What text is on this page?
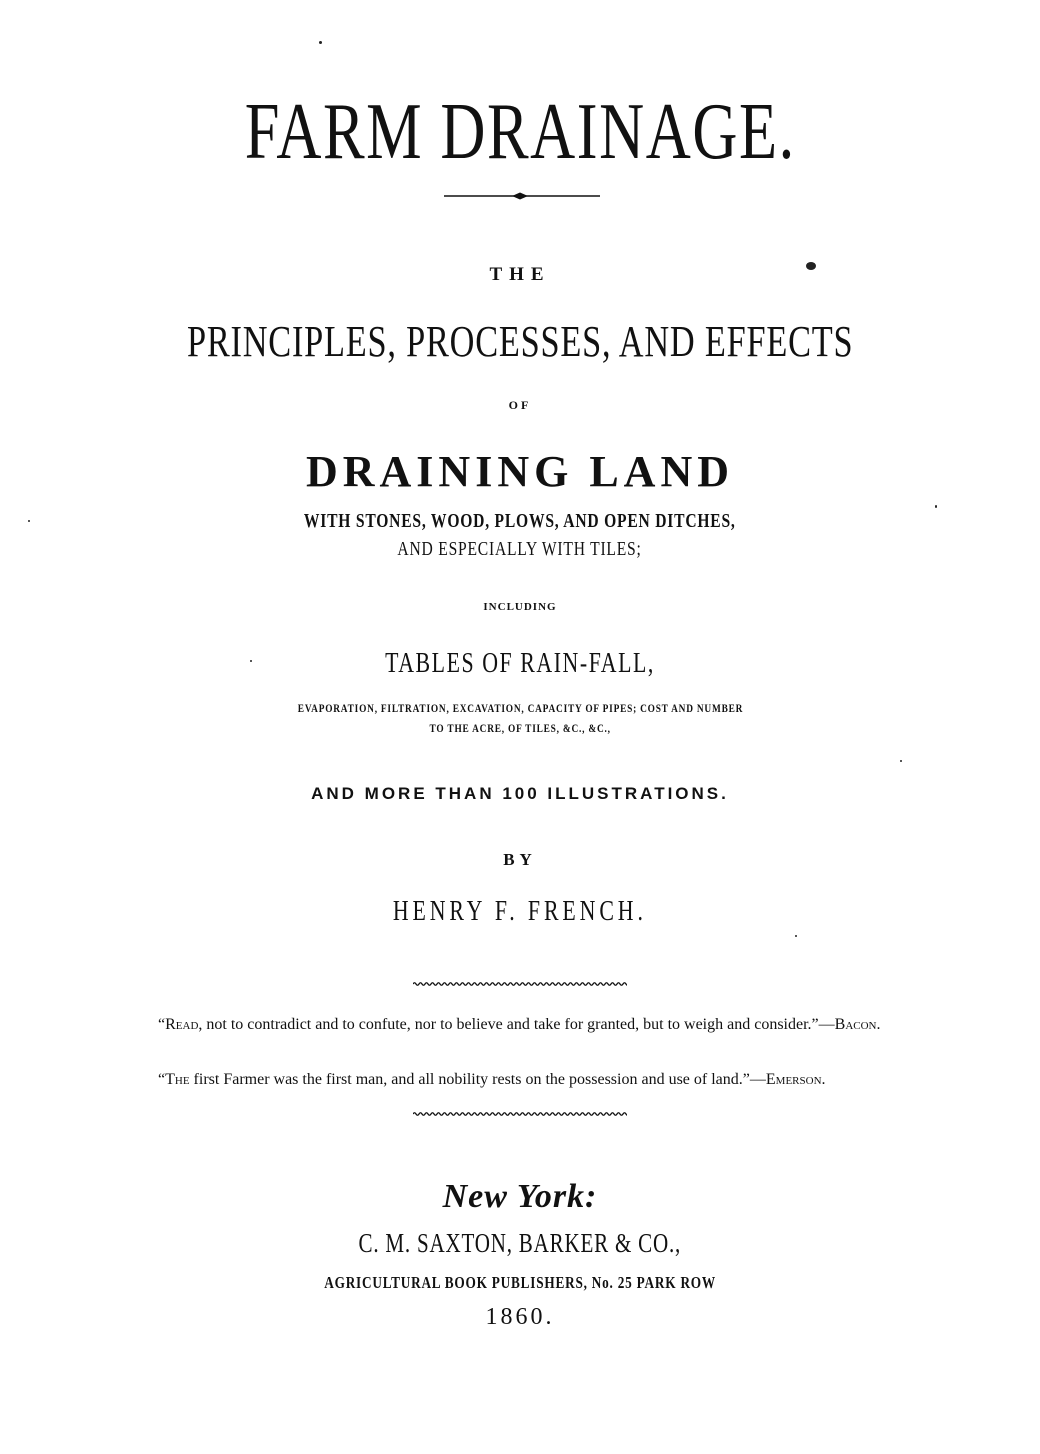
FARM DRAINAGE.

THE

PRINCIPLES, PROCESSES, AND EFFECTS

OF

DRAINING LAND

WITH STONES, WOOD, PLOWS, AND OPEN DITCHES,

AND ESPECIALLY WITH TILES;

INCLUDING

TABLES OF RAIN-FALL,

EVAPORATION, FILTRATION, EXCAVATION, CAPACITY OF PIPES; COST AND NUMBER

TO THE ACRE, OF TILES, &C., &C.,

AND MORE THAN 100 ILLUSTRATIONS.

BY

HENRY F. FRENCH.

“Read, not to contradict and to confute, nor to believe and take for granted, but to weigh and consider.”—Bacon.

“The first Farmer was the first man, and all nobility rests on the possession and use of land.”—Emerson.

New York:

C. M. SAXTON, BARKER & CO.,

AGRICULTURAL BOOK PUBLISHERS, No. 25 PARK ROW

1860.
